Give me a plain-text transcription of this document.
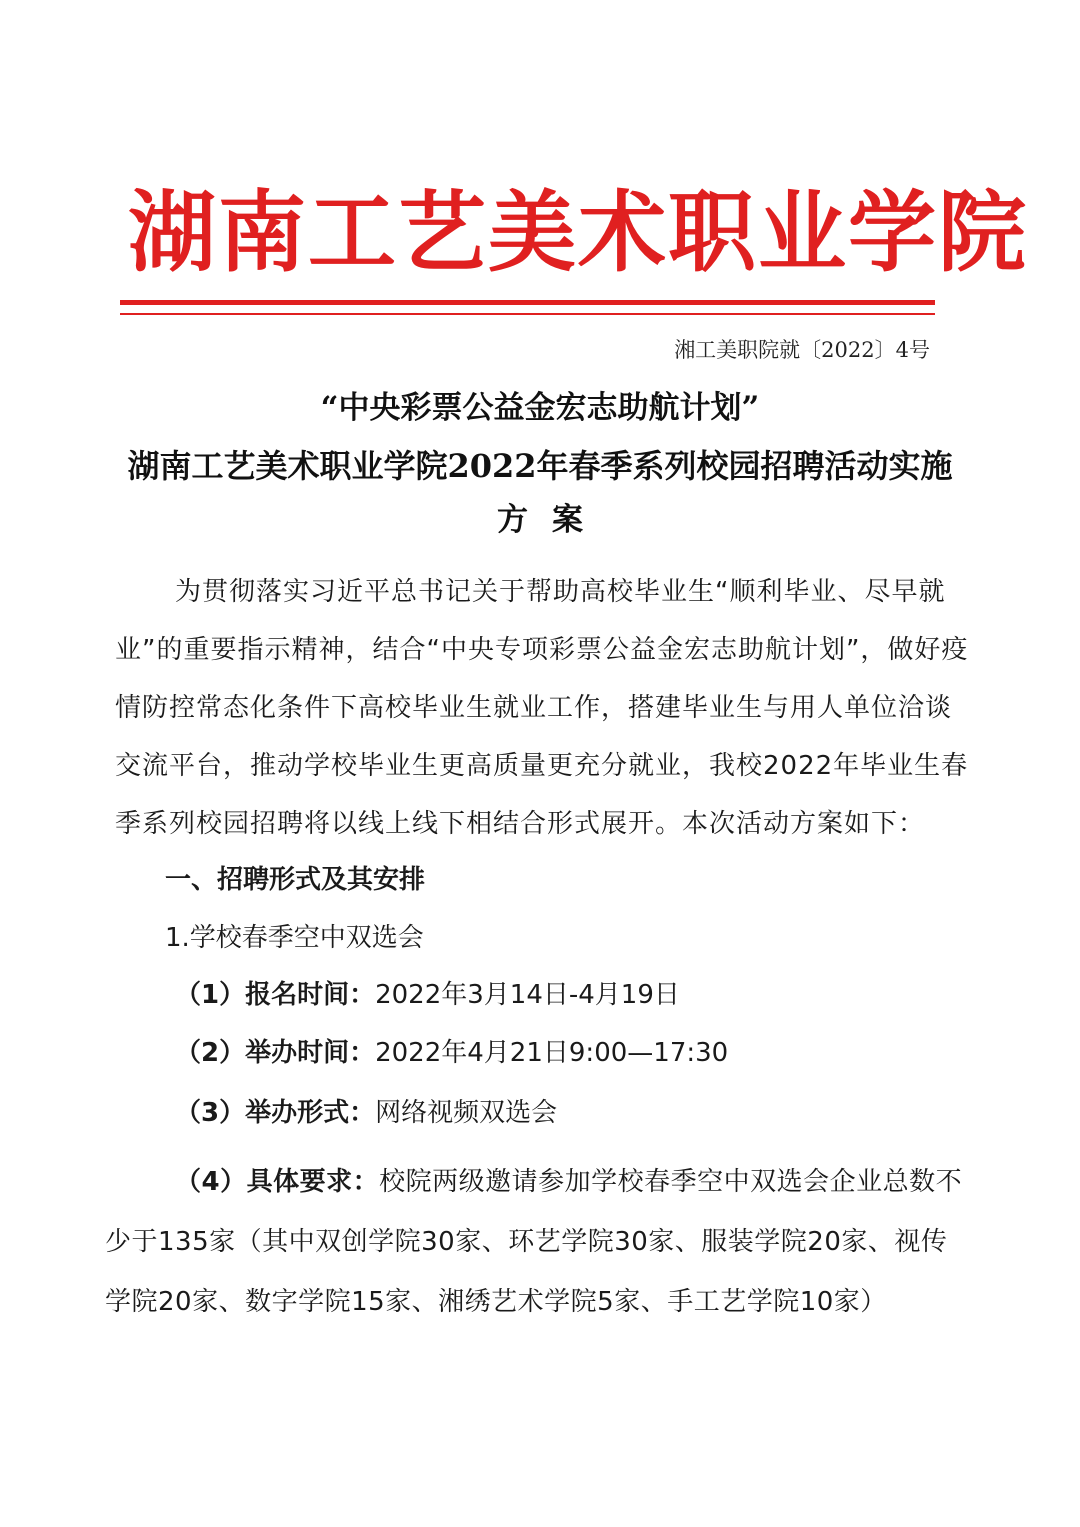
湖南工艺美术职业学院
湘工美职院就〔2022〕4号
“中央彩票公益金宏志助航计划”
湖南工艺美术职业学院2022年春季系列校园招聘活动实施
方案
为贯彻落实习近平总书记关于帮助高校毕业生“顺利毕业、尽早就业”的重要指示精神，结合“中央专项彩票公益金宏志助航计划”，做好疫情防控常态化条件下高校毕业生就业工作，搭建毕业生与用人单位洽谈交流平台，推动学校毕业生更高质量更充分就业，我校2022年毕业生春季系列校园招聘将以线上线下相结合形式展开。本次活动方案如下：
一、招聘形式及其安排
1.学校春季空中双选会
（1）报名时间：2022年3月14日-4月19日
（2）举办时间：2022年4月21日9:00—17:30
（3）举办形式：网络视频双选会
（4）具体要求：校院两级邀请参加学校春季空中双选会企业总数不少于135家（其中双创学院30家、环艺学院30家、服装学院20家、视传学院20家、数字学院15家、湘绣艺术学院5家、手工艺学院10家）
